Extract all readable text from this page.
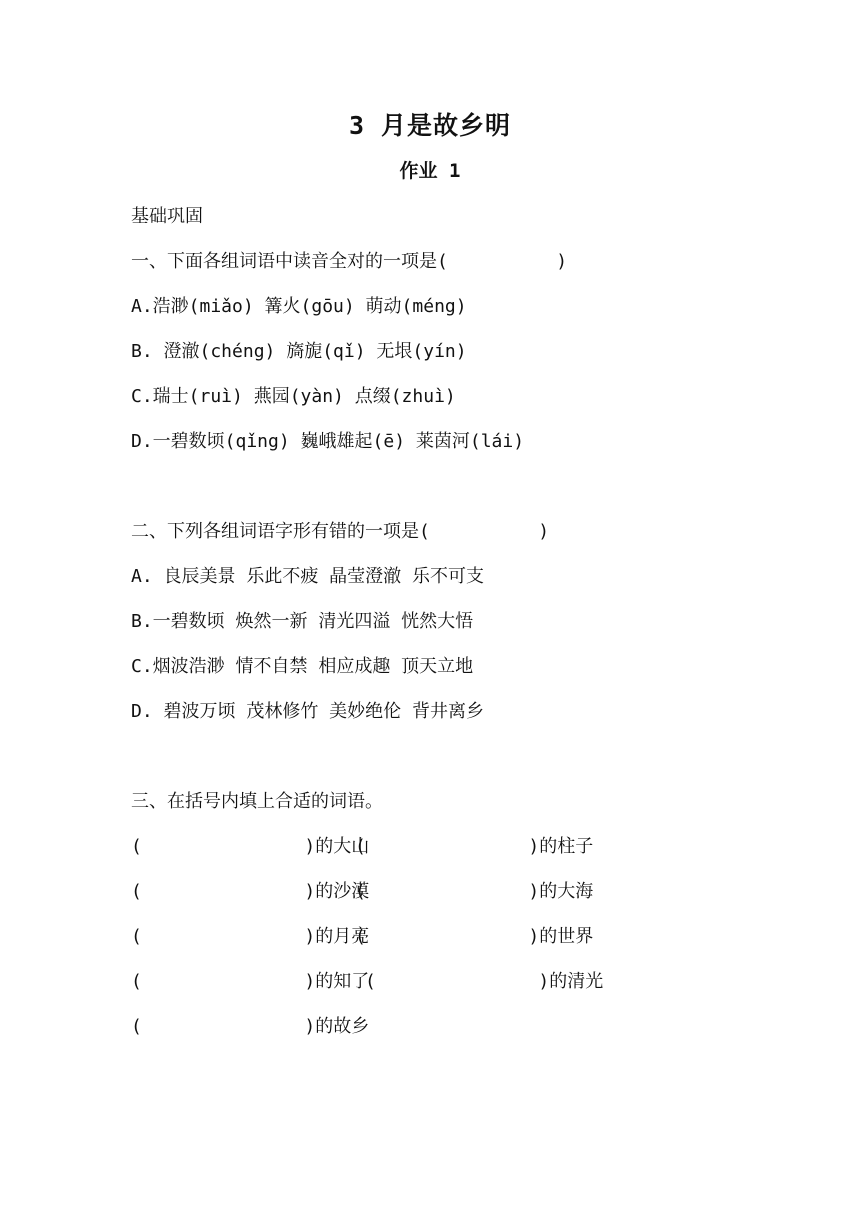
3 月是故乡明
作业 1
基础巩固
一、下面各组词语中读音全对的一项是(          )
A.浩渺(miǎo) 篝火(gōu) 萌动(méng)
B. 澄澈(chéng) 旖旎(qǐ) 无垠(yín)
C.瑞士(ruì) 燕园(yàn) 点缀(zhuì)
D.一碧数顷(qǐng) 巍峨雄起(ē) 莱茵河(lái)
二、下列各组词语字形有错的一项是(          )
A. 良辰美景 乐此不疲 晶莹澄澈 乐不可支
B.一碧数顷 焕然一新 清光四溢 恍然大悟
C.烟波浩渺 情不自禁 相应成趣 顶天立地
D. 碧波万顷 茂林修竹 美妙绝伦 背井离乡
三、在括号内填上合适的词语。

(               )的大山

(               )的柱子

(               )的沙漠

(               )的大海

(               )的月亮

(               )的世界

(               )的知了

(               )的清光

(               )的故乡
